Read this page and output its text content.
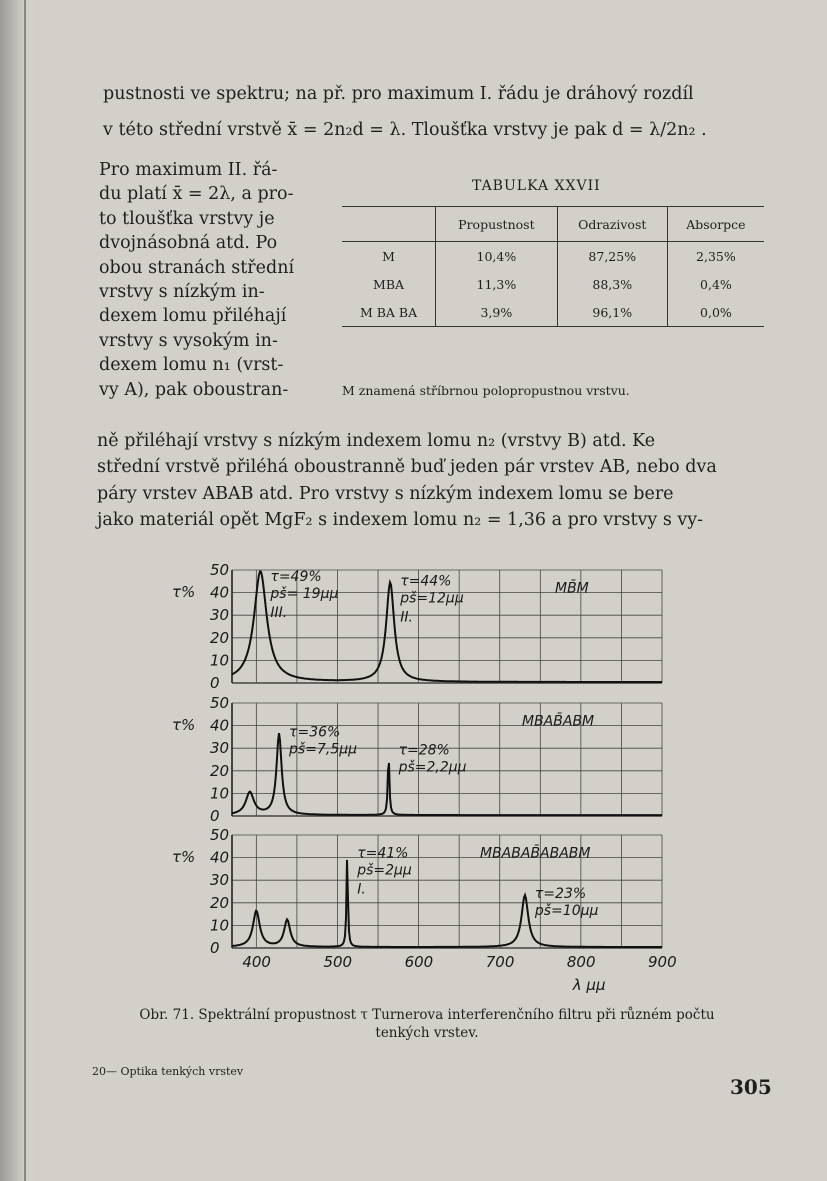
pustnosti ve spektru; na př. pro maximum I. řádu je dráhový rozdíl
v této střední vrstvě x̄ = 2n₂d = λ. Tloušťka vrstvy je pak d = λ/2n₂ .
Pro maximum II. řá-
du platí x̄ = 2λ, a pro-
to tloušťka vrstvy je
dvojnásobná atd. Po
obou stranách střední
vrstvy s nízkým in-
dexem lomu přiléhají
vrstvy s vysokým in-
dexem lomu n₁ (vrst-
vy A), pak oboustran-
TABULKA XXVII
	Propustnost	Odrazivost	Absorpce
M	10,4%	87,25%	2,35%
MBA	11,3%	88,3%	0,4%
M BA BA	3,9%	96,1%	0,0%
M znamená stříbrnou polopropustnou vrstvu.
ně přiléhají vrstvy s nízkým indexem lomu n₂ (vrstvy B) atd. Ke
střední vrstvě přiléhá oboustranně buď jeden pár vrstev AB, nebo dva
páry vrstev ABAB atd. Pro vrstvy s nízkým indexem lomu se bere
jako materiál opět MgF₂ s indexem lomu n₂ = 1,36 a pro vrstvy s vy-
50
40
30
20
10
0
τ%
τ=49%
pš= 19μμ
III.
τ=44%
pš=12μμ
II.
MB̄M
50
40
30
20
10
0
τ%	τ=36%
pš=7,5μμ	τ=28%
pš=2,2μμ
MBAB̄ABM
50
40
30
20
10
0
τ%	τ=41%
pš=2μμ
I.	τ=23%
pš=10μμ
MBABAB̄ABABM
400	500	600	700	800	900
λ μμ
Obr. 71. Spektrální propustnost τ Turnerova interferenčního filtru při různém počtu
tenkých vrstev.
20— Optika tenkých vrstev
305
